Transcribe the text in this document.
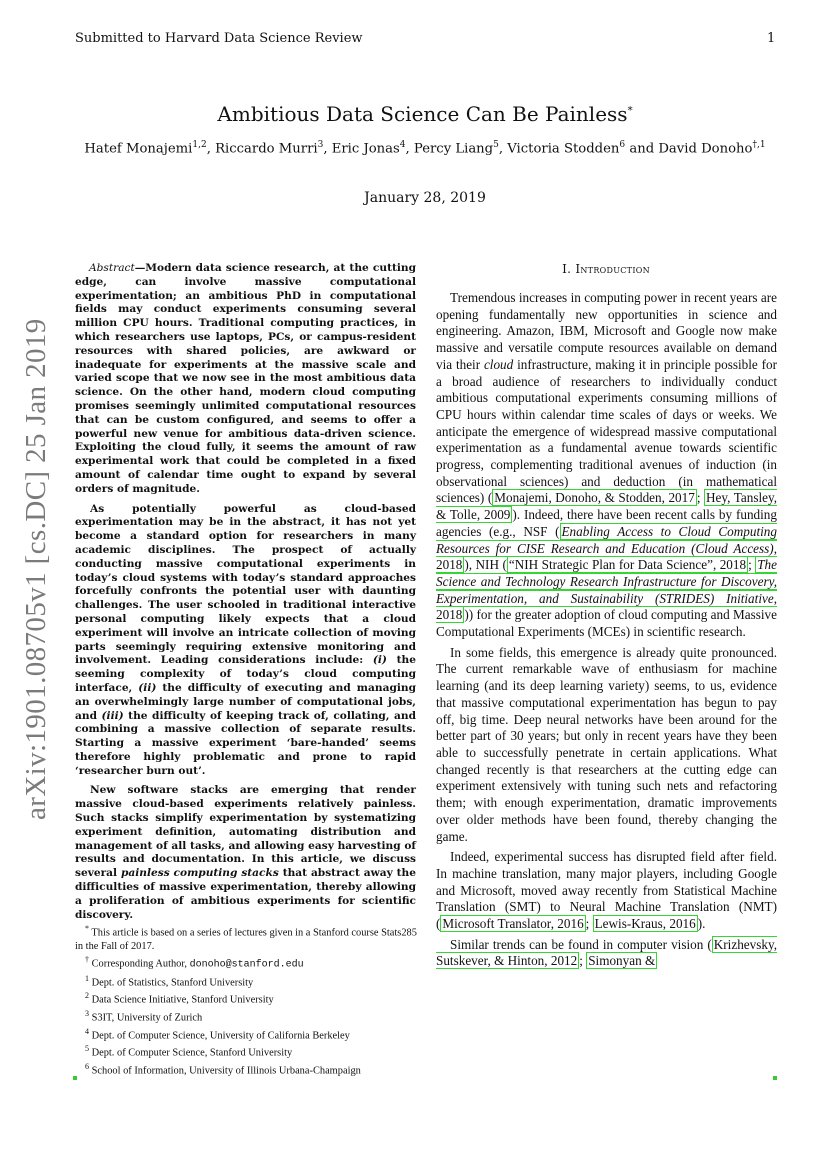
Submitted to Harvard Data Science Review	1
Ambitious Data Science Can Be Painless*
Hatef Monajemi$^{1,2}$, Riccardo Murri$^3$, Eric Jonas$^4$, Percy Liang$^5$, Victoria Stodden$^6$ and David Donoho$^{\dagger,1}$
January 28, 2019
arXiv:1901.08705v1 [cs.DC] 25 Jan 2019

Abstract—Modern data science research, at the cutting edge, can involve massive computational experimentation; an ambitious PhD in computational fields may conduct experiments consuming several million CPU hours. Traditional computing practices, in which researchers use laptops, PCs, or campus-resident resources with shared policies, are awkward or inadequate for experiments at the massive scale and varied scope that we now see in the most ambitious data science. On the other hand, modern cloud computing promises seemingly unlimited computational resources that can be custom configured, and seems to offer a powerful new venue for ambitious data-driven science. Exploiting the cloud fully, it seems the amount of raw experimental work that could be completed in a fixed amount of calendar time ought to expand by several orders of magnitude.

As potentially powerful as cloud-based experimentation may be in the abstract, it has not yet become a standard option for researchers in many academic disciplines. The prospect of actually conducting massive computational experiments in today’s cloud systems with today’s standard approaches forcefully confronts the potential user with daunting challenges. The user schooled in traditional interactive personal computing likely expects that a cloud experiment will involve an intricate collection of moving parts seemingly requiring extensive monitoring and involvement. Leading considerations include: (i) the seeming complexity of today’s cloud computing interface, (ii) the difficulty of executing and managing an overwhelmingly large number of computational jobs, and (iii) the difficulty of keeping track of, collating, and combining a massive collection of separate results. Starting a massive experiment ‘bare-handed’ seems therefore highly problematic and prone to rapid ‘researcher burn out’.

New software stacks are emerging that render massive cloud-based experiments relatively painless. Such stacks simplify experimentation by systematizing experiment definition, automating distribution and management of all tasks, and allowing easy harvesting of results and documentation. In this article, we discuss several painless computing stacks that abstract away the difficulties of massive experimentation, thereby allowing a proliferation of ambitious experiments for scientific discovery.

* This article is based on a series of lectures given in a Stanford course Stats285 in the Fall of 2017.
† Corresponding Author, donoho@stanford.edu
$^1$ Dept. of Statistics, Stanford University
$^2$ Data Science Initiative, Stanford University
$^3$ S3IT, University of Zurich
$^4$ Dept. of Computer Science, University of California Berkeley
$^5$ Dept. of Computer Science, Stanford University
$^6$ School of Information, University of Illinois Urbana-Champaign
I. Introduction

Tremendous increases in computing power in recent years are opening fundamentally new opportunities in science and engineering. Amazon, IBM, Microsoft and Google now make massive and versatile compute resources available on demand via their cloud infrastructure, making it in principle possible for a broad audience of researchers to individually conduct ambitious computational experiments consuming millions of CPU hours within calendar time scales of days or weeks. We anticipate the emergence of widespread massive computational experimentation as a fundamental avenue towards scientific progress, complementing traditional avenues of induction (in observational sciences) and deduction (in mathematical sciences) ( Monajemi, Donoho, & Stodden, 2017 ; Hey, Tansley, & Tolle, 2009 ). Indeed, there have been recent calls by funding agencies (e.g., NSF ( Enabling Access to Cloud Computing Resources for CISE Research and Education (Cloud Access), 2018 ), NIH ( “NIH Strategic Plan for Data Science”, 2018 ; The Science and Technology Research Infrastructure for Discovery, Experimentation, and Sustainability (STRIDES) Initiative, 2018 )) for the greater adoption of cloud computing and Massive Computational Experiments (MCEs) in scientific research.

In some fields, this emergence is already quite pronounced. The current remarkable wave of enthusiasm for machine learning (and its deep learning variety) seems, to us, evidence that massive computational experimentation has begun to pay off, big time. Deep neural networks have been around for the better part of 30 years; but only in recent years have they been able to successfully penetrate in certain applications. What changed recently is that researchers at the cutting edge can experiment extensively with tuning such nets and refactoring them; with enough experimentation, dramatic improvements over older methods have been found, thereby changing the game.

Indeed, experimental success has disrupted field after field. In machine translation, many major players, including Google and Microsoft, moved away recently from Statistical Machine Translation (SMT) to Neural Machine Translation (NMT) ( Microsoft Translator, 2016 ; Lewis-Kraus, 2016 ).

Similar trends can be found in computer vision ( Krizhevsky, Sutskever, & Hinton, 2012 ; Simonyan &
